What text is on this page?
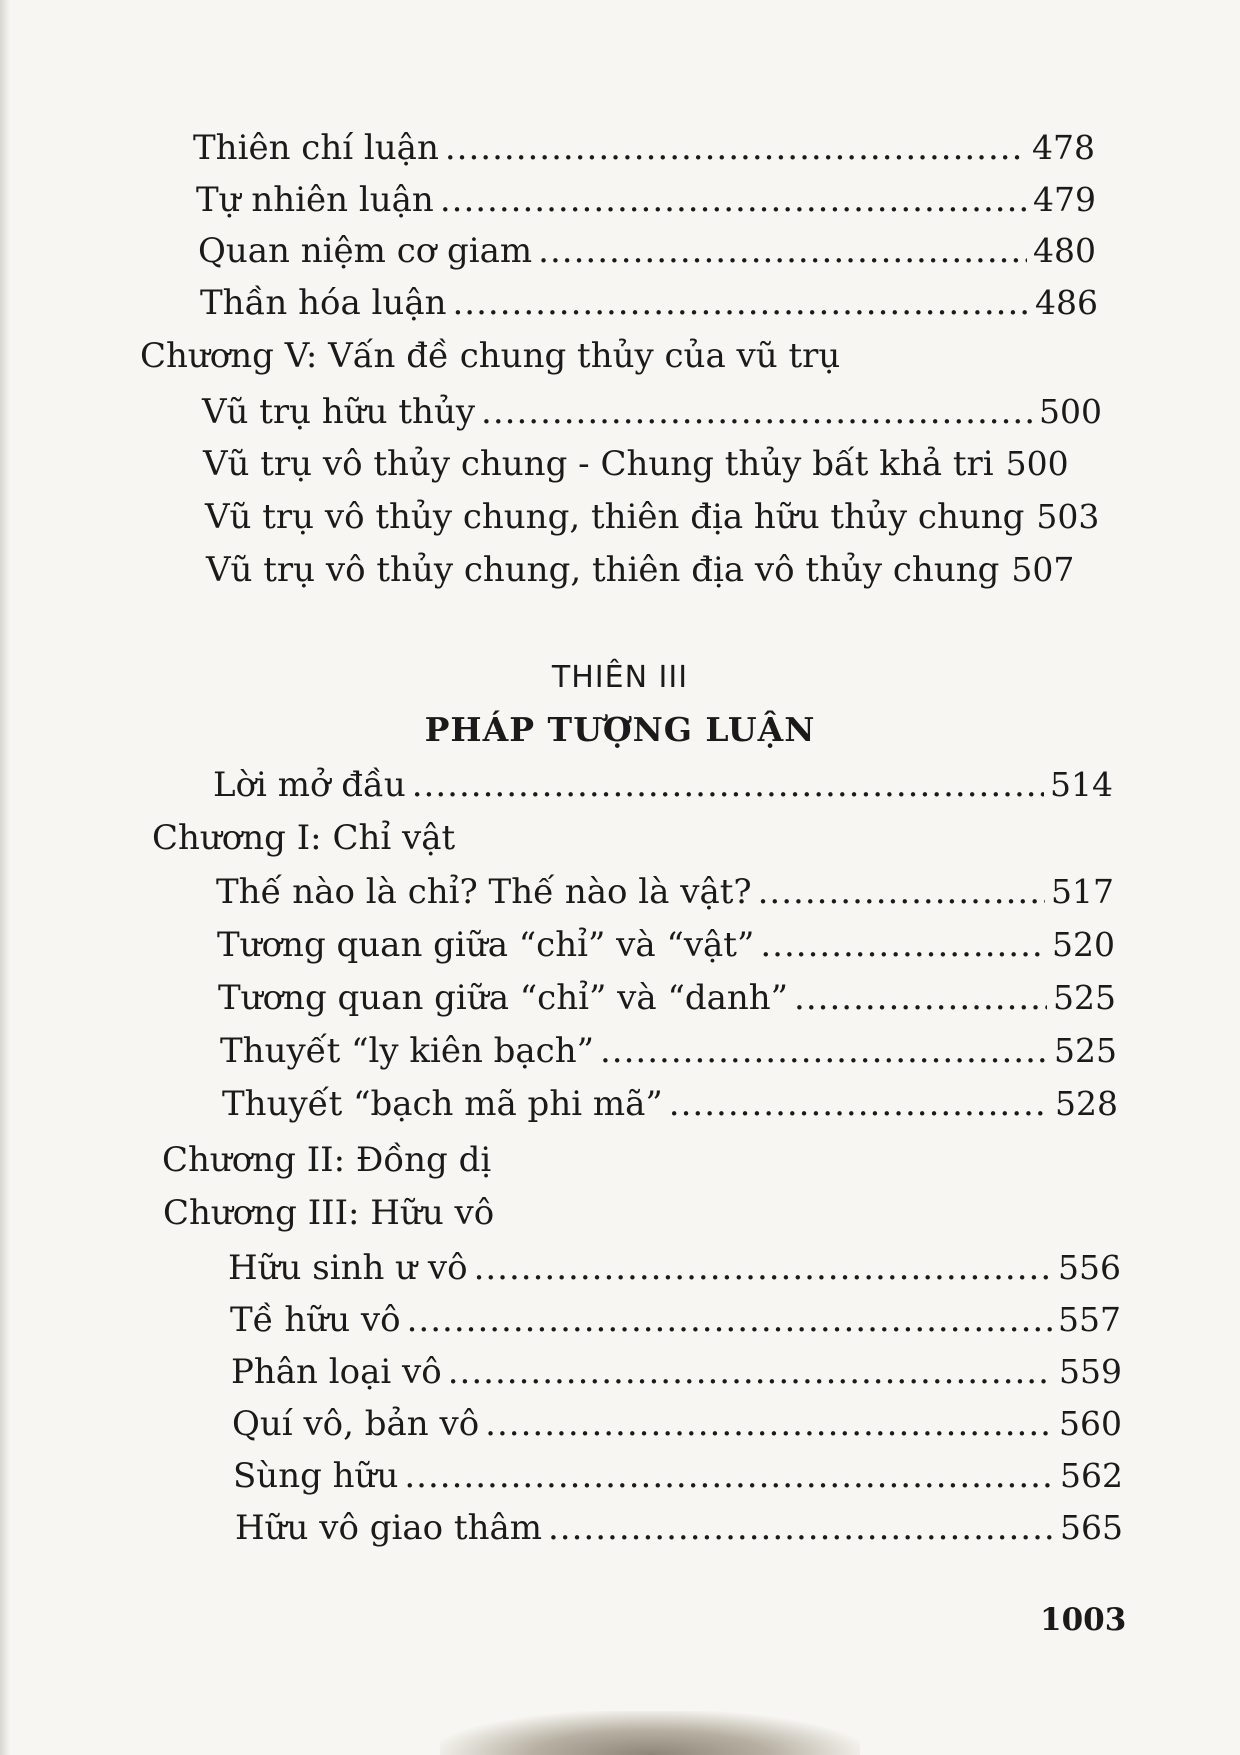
Thiên chí luận .....	478
Tự nhiên luận .....	479
Quan niệm cơ giam .....	480
Thần hóa luận .....	486
Chương V: Vấn đề chung thủy của vũ trụ
Vũ trụ hữu thủy .....	500
Vũ trụ vô thủy chung - Chung thủy bất khả tri 500
Vũ trụ vô thủy chung, thiên địa hữu thủy chung 503
Vũ trụ vô thủy chung, thiên địa vô thủy chung 507
THIÊN III
PHÁP TƯỢNG LUẬN
Lời mở đầu .....	514
Chương I: Chỉ vật
Thế nào là chỉ? Thế nào là vật? .....	517
Tương quan giữa “chỉ” và “vật” .....	520
Tương quan giữa “chỉ” và “danh” .....	525
Thuyết “ly kiên bạch” .....	525
Thuyết “bạch mã phi mã” .....	528
Chương II: Đồng dị
Chương III: Hữu vô
Hữu sinh ư vô .....	556
Tề hữu vô .....	557
Phân loại vô .....	559
Quí vô, bản vô .....	560
Sùng hữu .....	562
Hữu vô giao thâm .....	565
1003
